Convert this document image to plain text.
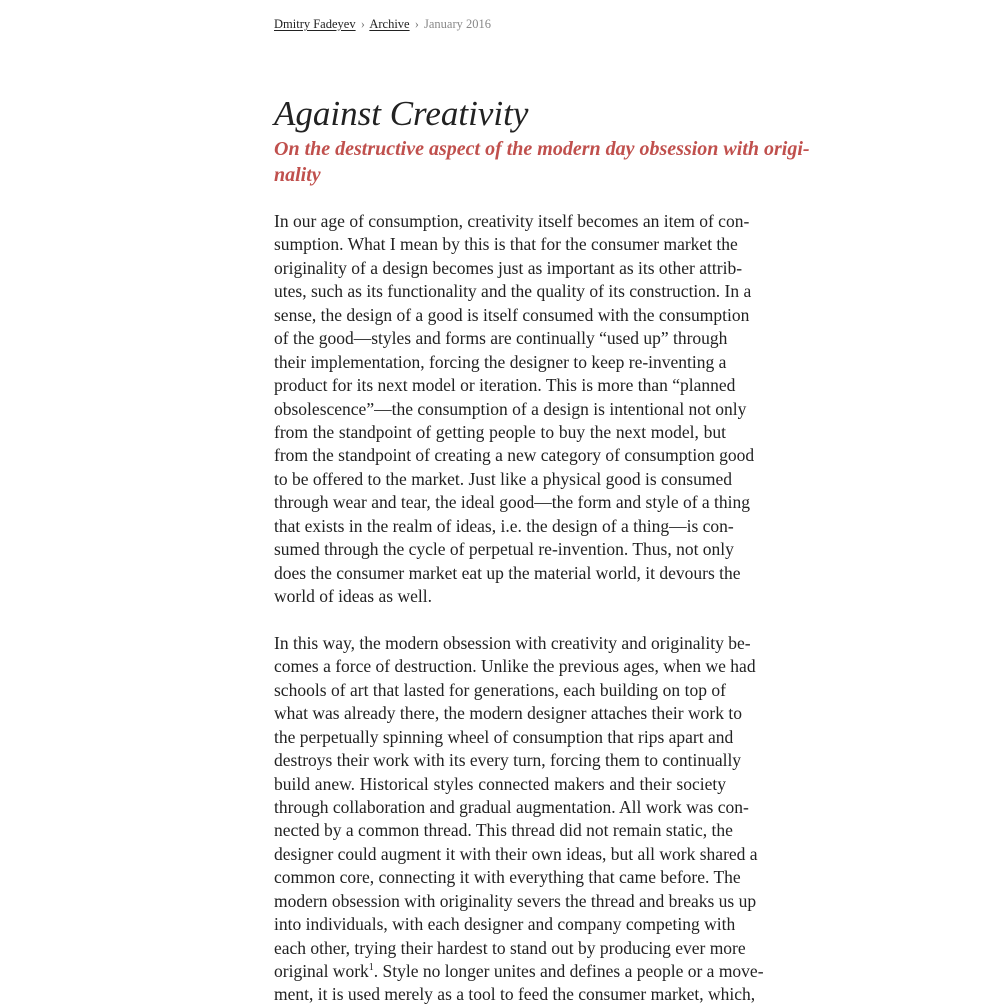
Dmitry Fadeyev › Archive › January 2016
Against Creativity
On the destructive aspect of the modern day obsession with origi-
nality
In our age of consumption, creativity itself becomes an item of con-
sumption. What I mean by this is that for the consumer market the
originality of a design becomes just as important as its other attrib-
utes, such as its functionality and the quality of its construction. In a
sense, the design of a good is itself consumed with the consumption
of the good—styles and forms are continually “used up” through
their implementation, forcing the designer to keep re-inventing a
product for its next model or iteration. This is more than “planned
obsolescence”—the consumption of a design is intentional not only
from the standpoint of getting people to buy the next model, but
from the standpoint of creating a new category of consumption good
to be offered to the market. Just like a physical good is consumed
through wear and tear, the ideal good—the form and style of a thing
that exists in the realm of ideas, i.e. the design of a thing—is con-
sumed through the cycle of perpetual re-invention. Thus, not only
does the consumer market eat up the material world, it devours the
world of ideas as well.
In this way, the modern obsession with creativity and originality be-
comes a force of destruction. Unlike the previous ages, when we had
schools of art that lasted for generations, each building on top of
what was already there, the modern designer attaches their work to
the perpetually spinning wheel of consumption that rips apart and
destroys their work with its every turn, forcing them to continually
build anew. Historical styles connected makers and their society
through collaboration and gradual augmentation. All work was con-
nected by a common thread. This thread did not remain static, the
designer could augment it with their own ideas, but all work shared a
common core, connecting it with everything that came before. The
modern obsession with originality severs the thread and breaks us up
into individuals, with each designer and company competing with
each other, trying their hardest to stand out by producing ever more
original work$^1$. Style no longer unites and defines a people or a move-
ment, it is used merely as a tool to feed the consumer market, which,
